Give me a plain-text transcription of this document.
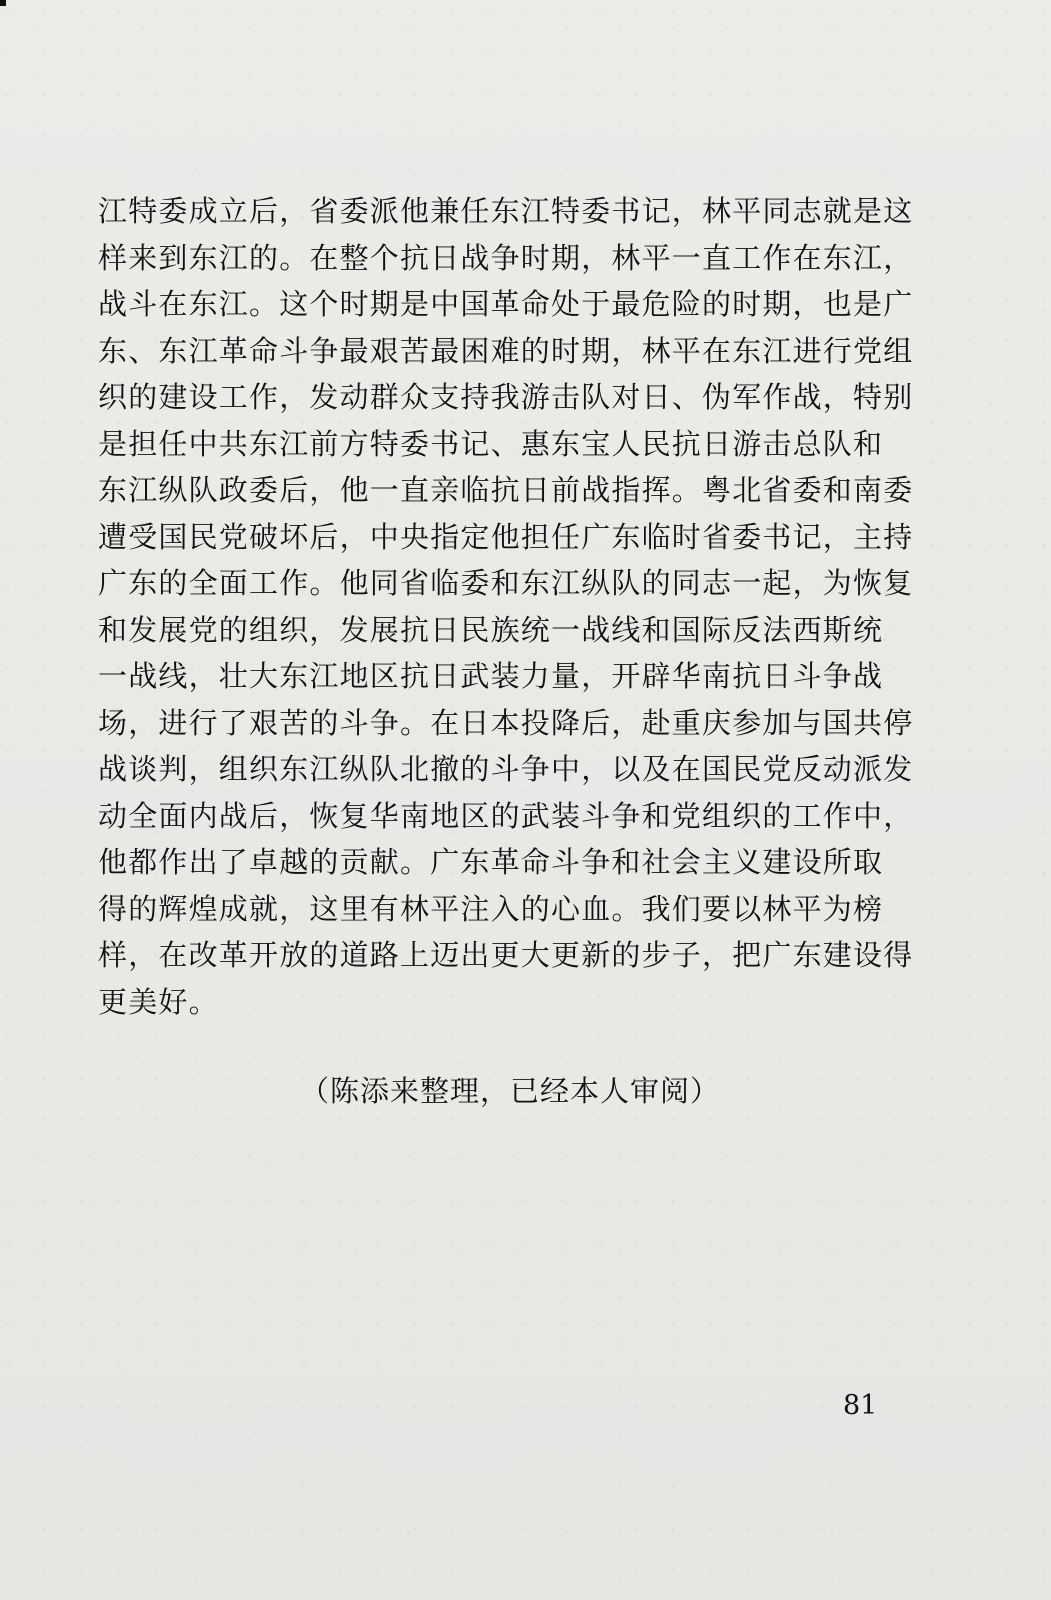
江特委成立后，省委派他兼任东江特委书记，林平同志就是这
样来到东江的。在整个抗日战争时期，林平一直工作在东江，
战斗在东江。这个时期是中国革命处于最危险的时期，也是广
东、东江革命斗争最艰苦最困难的时期，林平在东江进行党组
织的建设工作，发动群众支持我游击队对日、伪军作战，特别
是担任中共东江前方特委书记、惠东宝人民抗日游击总队和
东江纵队政委后，他一直亲临抗日前战指挥。粤北省委和南委
遭受国民党破坏后，中央指定他担任广东临时省委书记，主持
广东的全面工作。他同省临委和东江纵队的同志一起，为恢复
和发展党的组织，发展抗日民族统一战线和国际反法西斯统
一战线，壮大东江地区抗日武装力量，开辟华南抗日斗争战
场，进行了艰苦的斗争。在日本投降后，赴重庆参加与国共停
战谈判，组织东江纵队北撤的斗争中，以及在国民党反动派发
动全面内战后，恢复华南地区的武装斗争和党组织的工作中，
他都作出了卓越的贡献。广东革命斗争和社会主义建设所取
得的辉煌成就，这里有林平注入的心血。我们要以林平为榜
样，在改革开放的道路上迈出更大更新的步子，把广东建设得
更美好。
（陈添来整理，已经本人审阅）
81
